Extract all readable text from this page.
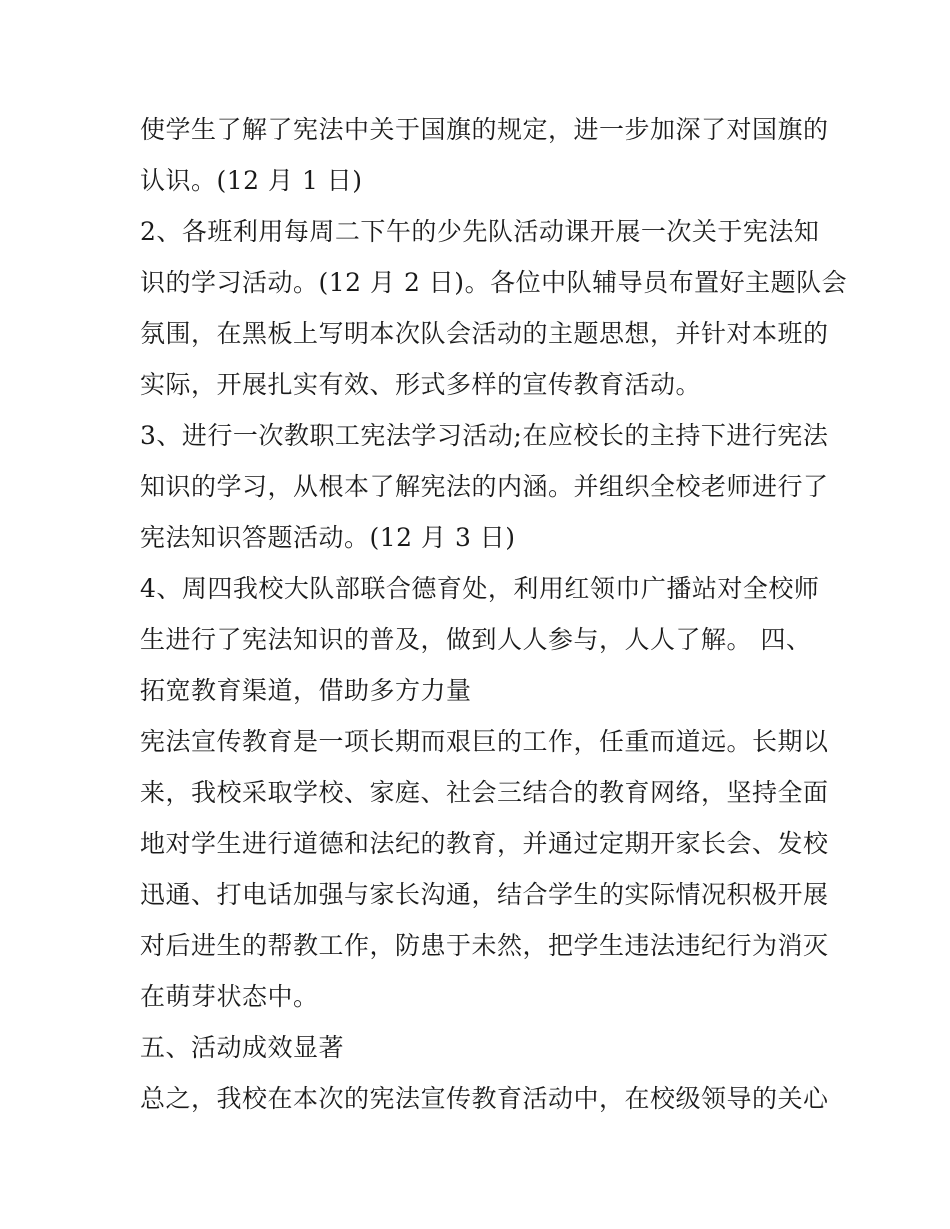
使学生了解了宪法中关于国旗的规定，进一步加深了对国旗的
认识。(12 月 1 日)
2、各班利用每周二下午的少先队活动课开展一次关于宪法知
识的学习活动。(12 月 2 日)。各位中队辅导员布置好主题队会
氛围，在黑板上写明本次队会活动的主题思想，并针对本班的
实际，开展扎实有效、形式多样的宣传教育活动。
3、进行一次教职工宪法学习活动;在应校长的主持下进行宪法
知识的学习，从根本了解宪法的内涵。并组织全校老师进行了
宪法知识答题活动。(12 月 3 日)
4、周四我校大队部联合德育处，利用红领巾广播站对全校师
生进行了宪法知识的普及，做到人人参与，人人了解。 四、
拓宽教育渠道，借助多方力量
宪法宣传教育是一项长期而艰巨的工作，任重而道远。长期以
来，我校采取学校、家庭、社会三结合的教育网络，坚持全面
地对学生进行道德和法纪的教育，并通过定期开家长会、发校
迅通、打电话加强与家长沟通，结合学生的实际情况积极开展
对后进生的帮教工作，防患于未然，把学生违法违纪行为消灭
在萌芽状态中。
五、活动成效显著
总之，我校在本次的宪法宣传教育活动中，在校级领导的关心
